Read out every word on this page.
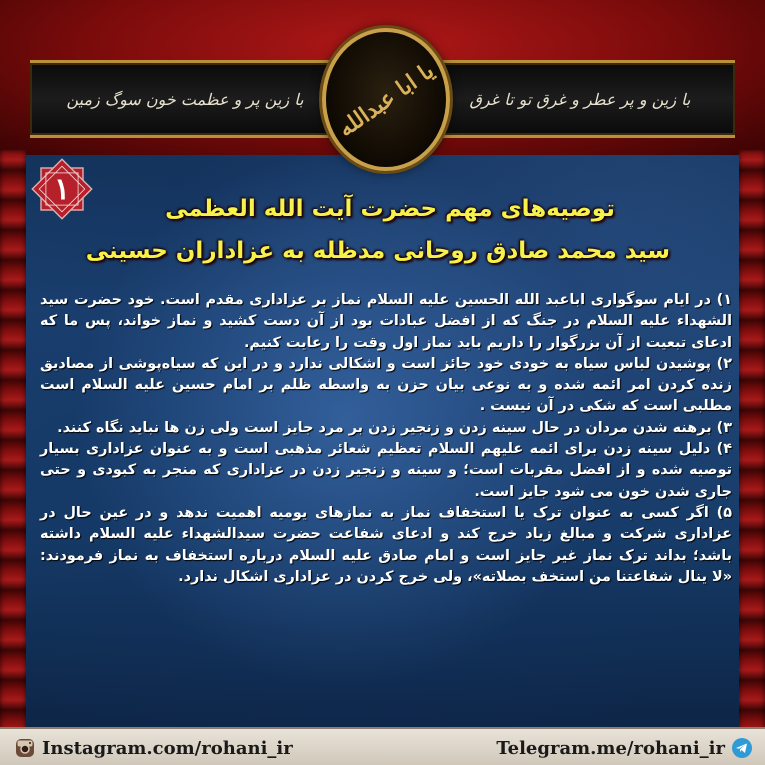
با زین و پر عطر و غرق تو تا غرق
با زین پر و عظمت خون سوگ زمین	یا ابا عبدالله
۱
توصیه‌های مهم حضرت آیت الله العظمی
سید محمد صادق روحانی مدظله به عزاداران حسینی

۱) در ایام سوگواری اباعبد الله الحسین علیه السلام نماز بر عزاداری مقدم است. خود حضرت سید الشهداء علیه السلام در جنگ که از افضل عبادات بود از آن دست کشید و نماز خواند، پس ما که ادعای تبعیت از آن بزرگوار را داریم باید نماز اول وقت را رعایت کنیم.

۲) پوشیدن لباس سیاه به خودی خود جائز است و اشکالی ندارد و در این که سیاه‌پوشی از مصادیق زنده کردن امر ائمه شده و به نوعی بیان حزن به واسطه ظلم بر امام حسین علیه السلام است مطلبی است که شکی در آن نیست .

۳) برهنه شدن مردان در حال سینه زدن و زنجیر زدن بر مرد جایز است ولی زن ها نباید نگاه کنند.

۴) دلیل سینه زدن برای ائمه علیهم السلام تعظیم شعائر مذهبی است و به عنوان عزاداری بسیار توصیه شده و از افضل مقربات است؛ و سینه و زنجیر زدن در عزاداری که منجر به کبودی و حتی جاری شدن خون می شود جایز است.

۵) اگر کسی به عنوان ترک یا استخفاف نماز به نمازهای یومیه اهمیت ندهد و در عین حال در عزاداری شرکت و مبالغ زیاد خرج کند و ادعای شفاعت حضرت سیدالشهداء علیه السلام داشته باشد؛ بداند ترک نماز غیر جایز است و امام صادق علیه السلام درباره استخفاف به نماز فرمودند: «لا ینال شفاعتنا من استخف بصلاته»، ولی خرج کردن در عزاداری اشکال ندارد.

Instagram.com/rohani_ir	Telegram.me/rohani_ir
